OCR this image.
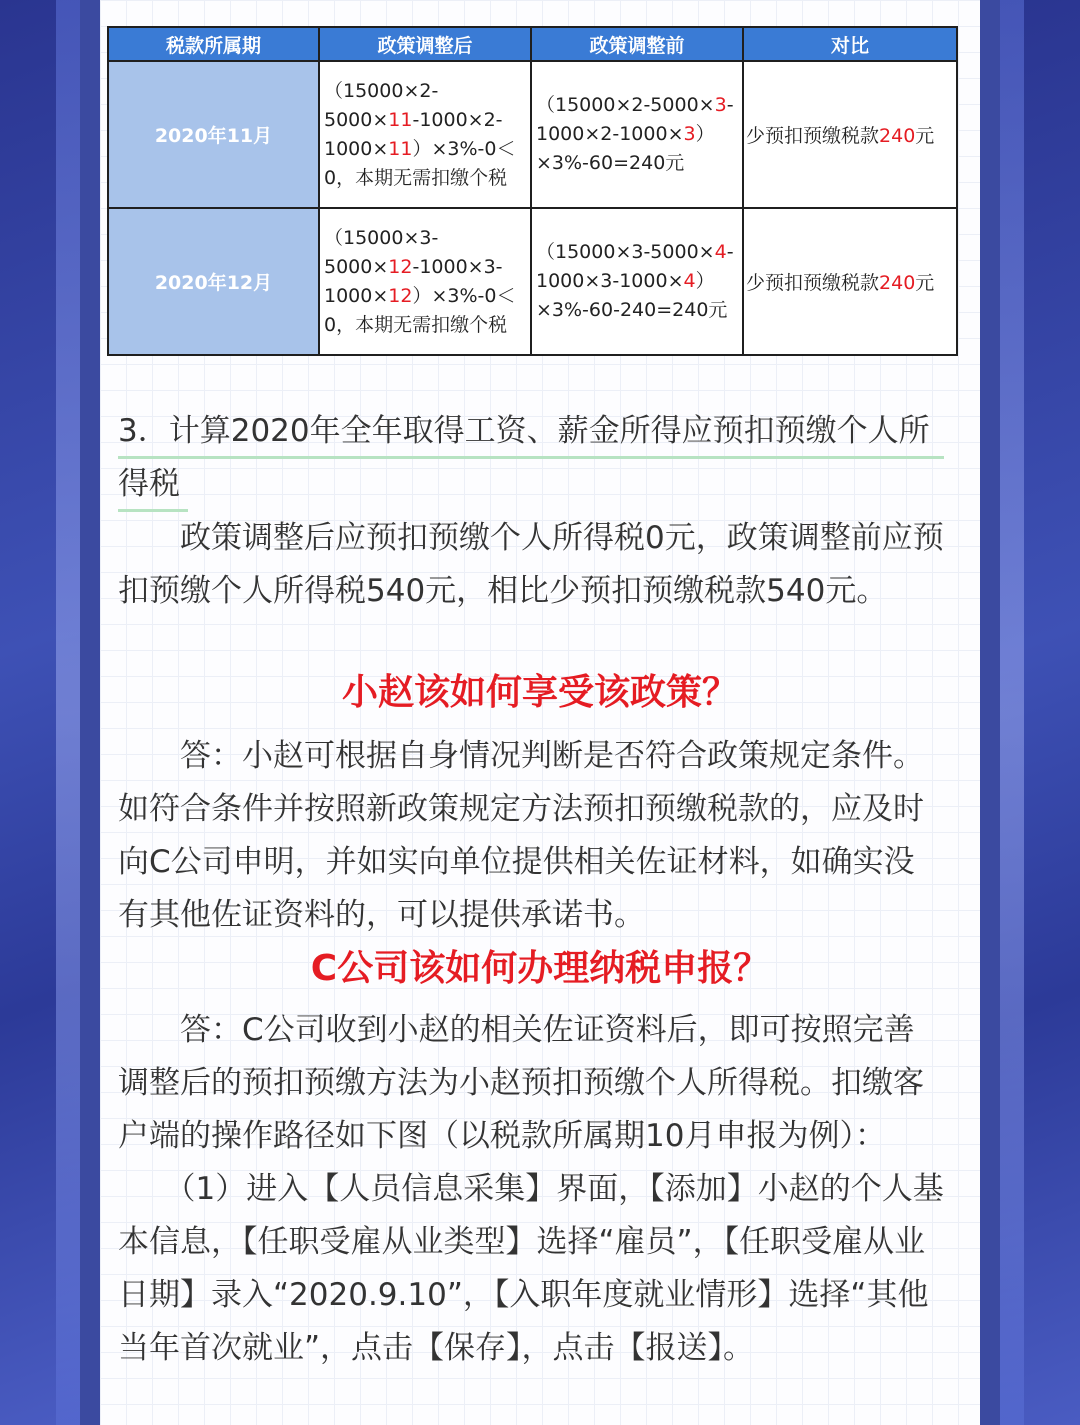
税款所属期	政策调整后	政策调整前	对比
2020年11月	（15000×2-5000×11-1000×2-1000×11）×3%-0＜0，本期无需扣缴个税	（15000×2-5000×3-1000×2-1000×3）×3%-60=240元	少预扣预缴税款240元
2020年12月	（15000×3-5000×12-1000×3-1000×12）×3%-0＜0，本期无需扣缴个税	（15000×3-5000×4-1000×3-1000×4）×3%-60-240=240元	少预扣预缴税款240元
3．计算2020年全年取得工资、薪金所得应预扣预缴个人所
得税
　　政策调整后应预扣预缴个人所得税0元，政策调整前应预扣预缴个人所得税540元，相比少预扣预缴税款540元。
小赵该如何享受该政策？
　　答：小赵可根据自身情况判断是否符合政策规定条件。如符合条件并按照新政策规定方法预扣预缴税款的，应及时向C公司申明，并如实向单位提供相关佐证材料，如确实没有其他佐证资料的，可以提供承诺书。
C公司该如何办理纳税申报？
　　答：C公司收到小赵的相关佐证资料后，即可按照完善调整后的预扣预缴方法为小赵预扣预缴个人所得税。扣缴客户端的操作路径如下图（以税款所属期10月申报为例）：
　　（1）进入【人员信息采集】界面，【添加】小赵的个人基本信息，【任职受雇从业类型】选择“雇员”，【任职受雇从业日期】录入“2020.9.10”，【入职年度就业情形】选择“其他当年首次就业”，点击【保存】，点击【报送】。
